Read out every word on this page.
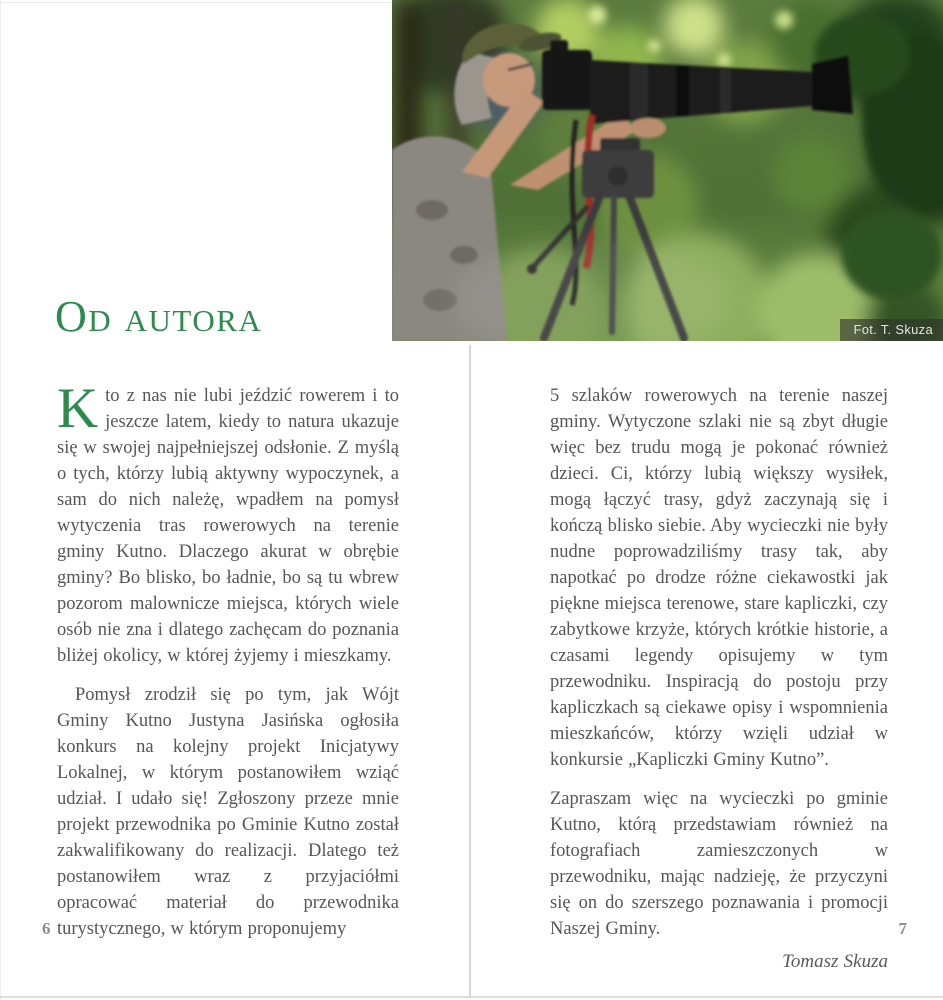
Fot. T. Skuza
Od autora

Kto z nas nie lubi jeździć rowerem i to jeszcze latem, kiedy to natura ukazuje się w swojej najpełniejszej odsłonie. Z myślą o tych, którzy lubią aktywny wypoczynek, a sam do nich należę, wpadłem na pomysł wytyczenia tras rowerowych na terenie gminy Kutno. Dlaczego akurat w obrębie gminy? Bo blisko, bo ładnie, bo są tu wbrew pozorom malownicze miejsca, których wiele osób nie zna i dlatego zachęcam do poznania bliżej okolicy, w której żyjemy i mieszkamy.

Pomysł zrodził się po tym, jak Wójt Gminy Kutno Justyna Jasińska ogłosiła konkurs na kolejny projekt Inicjatywy Lokalnej, w którym postanowiłem wziąć udział. I udało się! Zgłoszony przeze mnie projekt przewodnika po Gminie Kutno został zakwalifikowany do realizacji. Dlatego też postanowiłem wraz z przyjaciółmi opracować materiał do przewodnika turystycznego, w którym proponujemy

5 szlaków rowerowych na terenie naszej gminy. Wytyczone szlaki nie są zbyt długie więc bez trudu mogą je pokonać również dzieci. Ci, którzy lubią większy wysiłek, mogą łączyć trasy, gdyż zaczynają się i kończą blisko siebie. Aby wycieczki nie były nudne poprowadziliśmy trasy tak, aby napotkać po drodze różne ciekawostki jak piękne miejsca terenowe, stare kapliczki, czy zabytkowe krzyże, których krótkie historie, a czasami legendy opisujemy w tym przewodniku. Inspiracją do postoju przy kapliczkach są ciekawe opisy i wspomnienia mieszkańców, którzy wzięli udział w konkursie „Kapliczki Gminy Kutno”.

Zapraszam więc na wycieczki po gminie Kutno, którą przedstawiam również na fotografiach zamieszczonych w przewodniku, mając nadzieję, że przyczyni się on do szerszego poznawania i promocji Naszej Gminy.

Tomasz Skuza
6	7
